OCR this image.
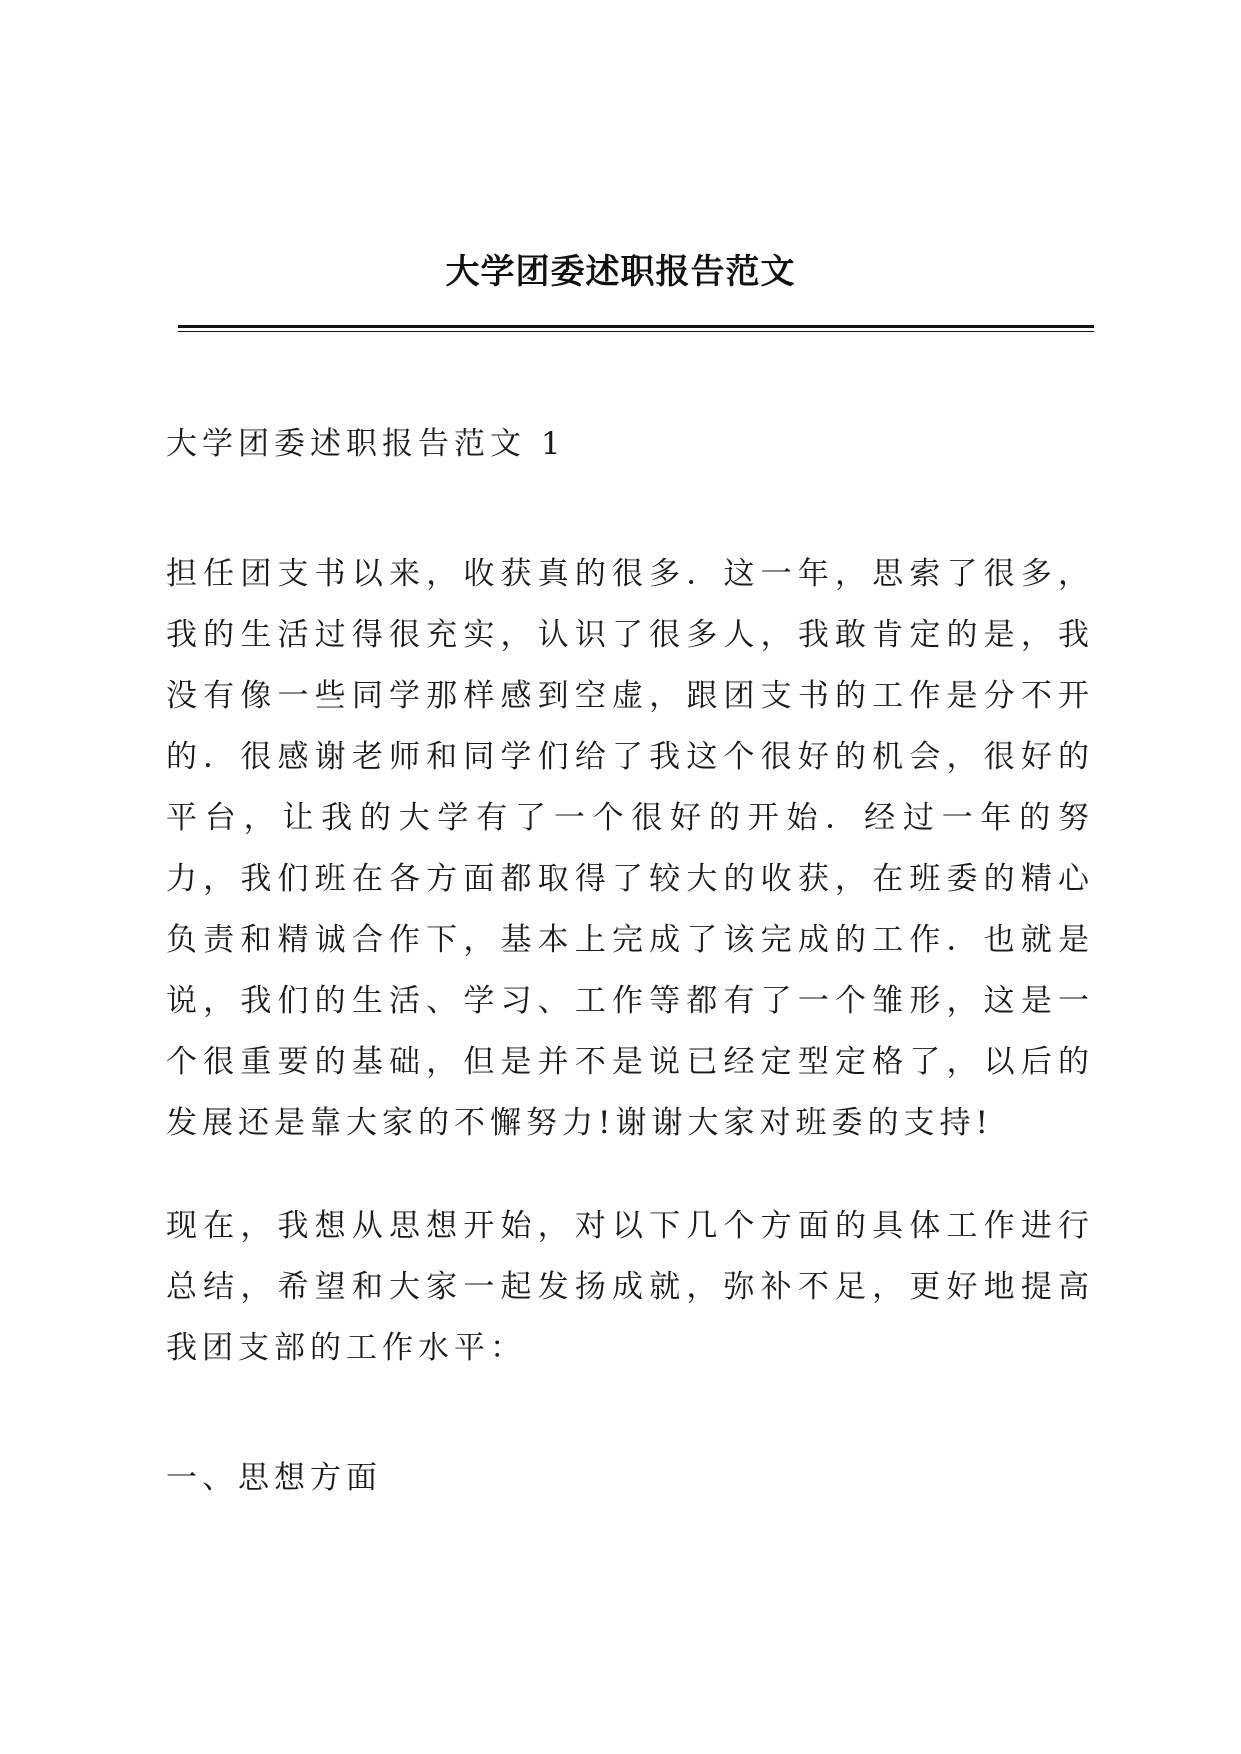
大学团委述职报告范文
大学团委述职报告范文 1
担任团支书以来，收获真的很多．这一年，思索了很多，我的生活过得很充实，认识了很多人，我敢肯定的是，我没有像一些同学那样感到空虚，跟团支书的工作是分不开的．很感谢老师和同学们给了我这个很好的机会，很好的平台，让我的大学有了一个很好的开始．经过一年的努力，我们班在各方面都取得了较大的收获，在班委的精心负责和精诚合作下，基本上完成了该完成的工作．也就是说，我们的生活、学习、工作等都有了一个雏形，这是一个很重要的基础，但是并不是说已经定型定格了，以后的发展还是靠大家的不懈努力!谢谢大家对班委的支持!
现在，我想从思想开始，对以下几个方面的具体工作进行总结，希望和大家一起发扬成就，弥补不足，更好地提高我团支部的工作水平：
一、思想方面
